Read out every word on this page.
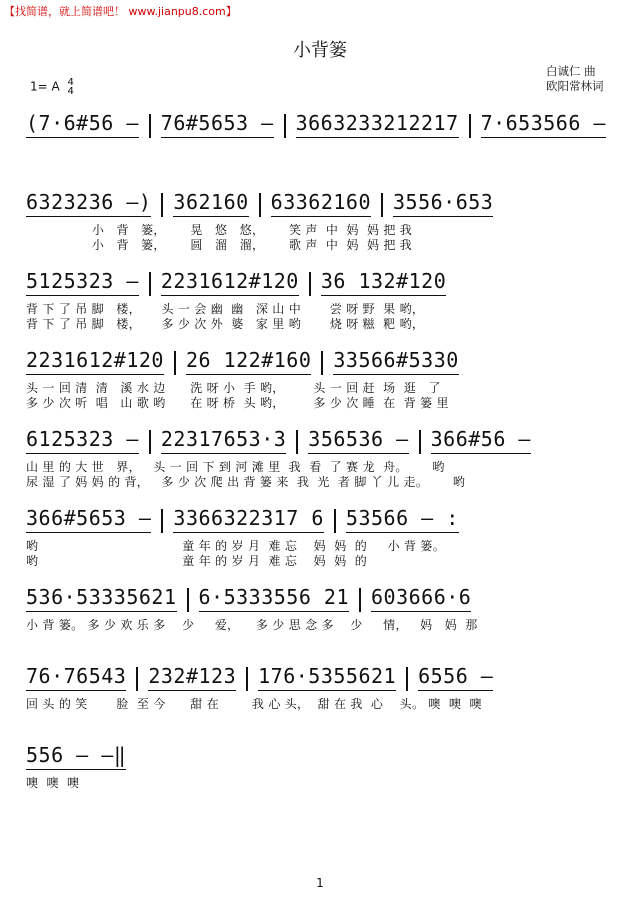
【找简谱，就上简谱吧！ www.jianpu8.com】
小背篓
白诚仁 曲
欧阳常林词
1= A 4
4
(7·6#56 – 76#5653 – 3663233212217 7·653566 –
6323236 –) 362160 63362160 3556·653
小   背   篓，      晃   悠   悠，      笑 声  中  妈  妈 把 我
小   背   篓，      圆   溜   溜，      歌 声  中  妈  妈 把 我
5125323 – 2231612#120 36 132#120
背 下 了 吊 脚   楼，     头 一 会 幽  幽   深 山 中       尝 呀 野  果 哟，
背 下 了 吊 脚   楼，     多 少 次 外  婆   家 里 哟       烧 呀 糍  粑 哟，
2231612#120 26 122#160 33566#5330
头 一 回 清  清   溪 水 边      洗 呀 小  手 哟，       头 一 回 赶  场  逛   了
多 少 次 听  唱   山 歌 哟      在 呀 桥  头 哟，       多 少 次 睡  在  背 篓 里
6125323 – 22317653·3 356536 – 366#56 –
山 里 的 大 世   界，   头 一 回 下 到 河 滩 里  我  看  了 赛 龙  舟。      哟
尿 湿 了 妈 妈 的 背，   多 少 次 爬 出 背 篓 来  我  光  者 脚 丫 儿 走。      哟
366#5653 – 3366322317 6 53566 – :
哟                                   童 年 的 岁 月  难 忘    妈  妈  的     小 背 篓。
哟                                   童 年 的 岁 月  难 忘    妈  妈  的
536·53335621 6·5333556 21 603666·6
小 背 篓。 多 少 欢 乐 多    少     爱，    多 少 思 念 多    少     情，   妈   妈  那
76·76543 232#123 176·5355621 6556 –
回 头 的 笑       脸  至 今      甜 在        我 心 头，  甜 在 我  心    头。 噢  噢  噢
556 – –‖
噢  噢  噢
1
